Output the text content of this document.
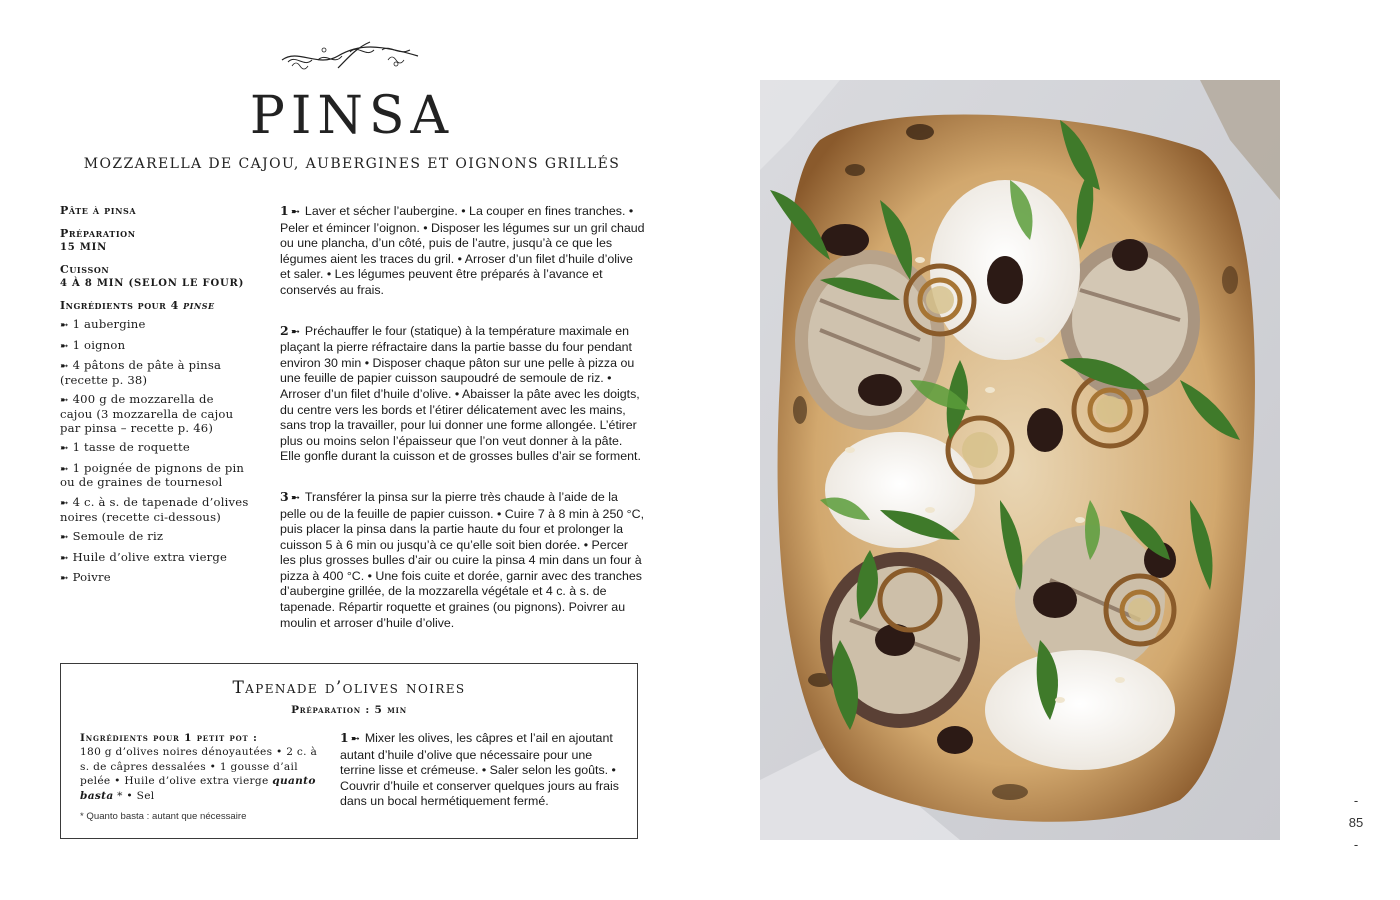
PINSA
MOZZARELLA DE CAJOU, AUBERGINES ET OIGNONS GRILLÉS
Pâte à pinsa
Préparation
15 MIN
Cuisson
4 À 8 MIN (SELON LE FOUR)
Ingrédients pour 4 pinse
➼ 1 aubergine
➼ 1 oignon
➼ 4 pâtons de pâte à pinsa (recette p. 38)
➼ 400 g de mozzarella de cajou (3 mozzarella de cajou par pinsa – recette p. 46)
➼ 1 tasse de roquette
➼ 1 poignée de pignons de pin ou de graines de tournesol
➼ 4 c. à s. de tapenade d’olives noires (recette ci-dessous)
➼ Semoule de riz
➼ Huile d’olive extra vierge
➼ Poivre

1 ➼ Laver et sécher l’aubergine. • La couper en fines tranches. • Peler et émincer l’oignon. • Disposer les légumes sur un gril chaud ou une plancha, d’un côté, puis de l’autre, jusqu’à ce que les légumes aient les traces du gril. • Arroser d’un filet d’huile d’olive et saler. • Les légumes peuvent être préparés à l’avance et conservés au frais.

2 ➼ Préchauffer le four (statique) à la température maximale en plaçant la pierre réfractaire dans la partie basse du four pendant environ 30 min • Disposer chaque pâton sur une pelle à pizza ou une feuille de papier cuisson saupoudré de semoule de riz. • Arroser d’un filet d’huile d’olive. • Abaisser la pâte avec les doigts, du centre vers les bords et l’étirer délicatement avec les mains, sans trop la travailler, pour lui donner une forme allongée. L’étirer plus ou moins selon l’épaisseur que l’on veut donner à la pâte. Elle gonfle durant la cuisson et de grosses bulles d’air se forment.

3 ➼ Transférer la pinsa sur la pierre très chaude à l’aide de la pelle ou de la feuille de papier cuisson. • Cuire 7 à 8 min à 250 °C, puis placer la pinsa dans la partie haute du four et prolonger la cuisson 5 à 6 min ou jusqu’à ce qu’elle soit bien dorée. • Percer les plus grosses bulles d’air ou cuire la pinsa 4 min dans un four à pizza à 400 °C. • Une fois cuite et dorée, garnir avec des tranches d’aubergine grillée, de la mozzarella végétale et 4 c. à s. de tapenade. Répartir roquette et graines (ou pignons). Poivrer au moulin et arroser d’huile d’olive.

Tapenade d’olives noires
Préparation : 5 min
Ingrédients pour 1 petit pot :
180 g d’olives noires dénoyautées • 2 c. à s. de câpres dessalées • 1 gousse d’ail pelée • Huile d’olive extra vierge quanto basta * • Sel
* Quanto basta : autant que nécessaire
1 ➼ Mixer les olives, les câpres et l’ail en ajoutant autant d’huile d’olive que nécessaire pour une terrine lisse et crémeuse. • Saler selon les goûts. • Couvrir d’huile et conserver quelques jours au frais dans un bocal hermétiquement fermé.	-
85
-
